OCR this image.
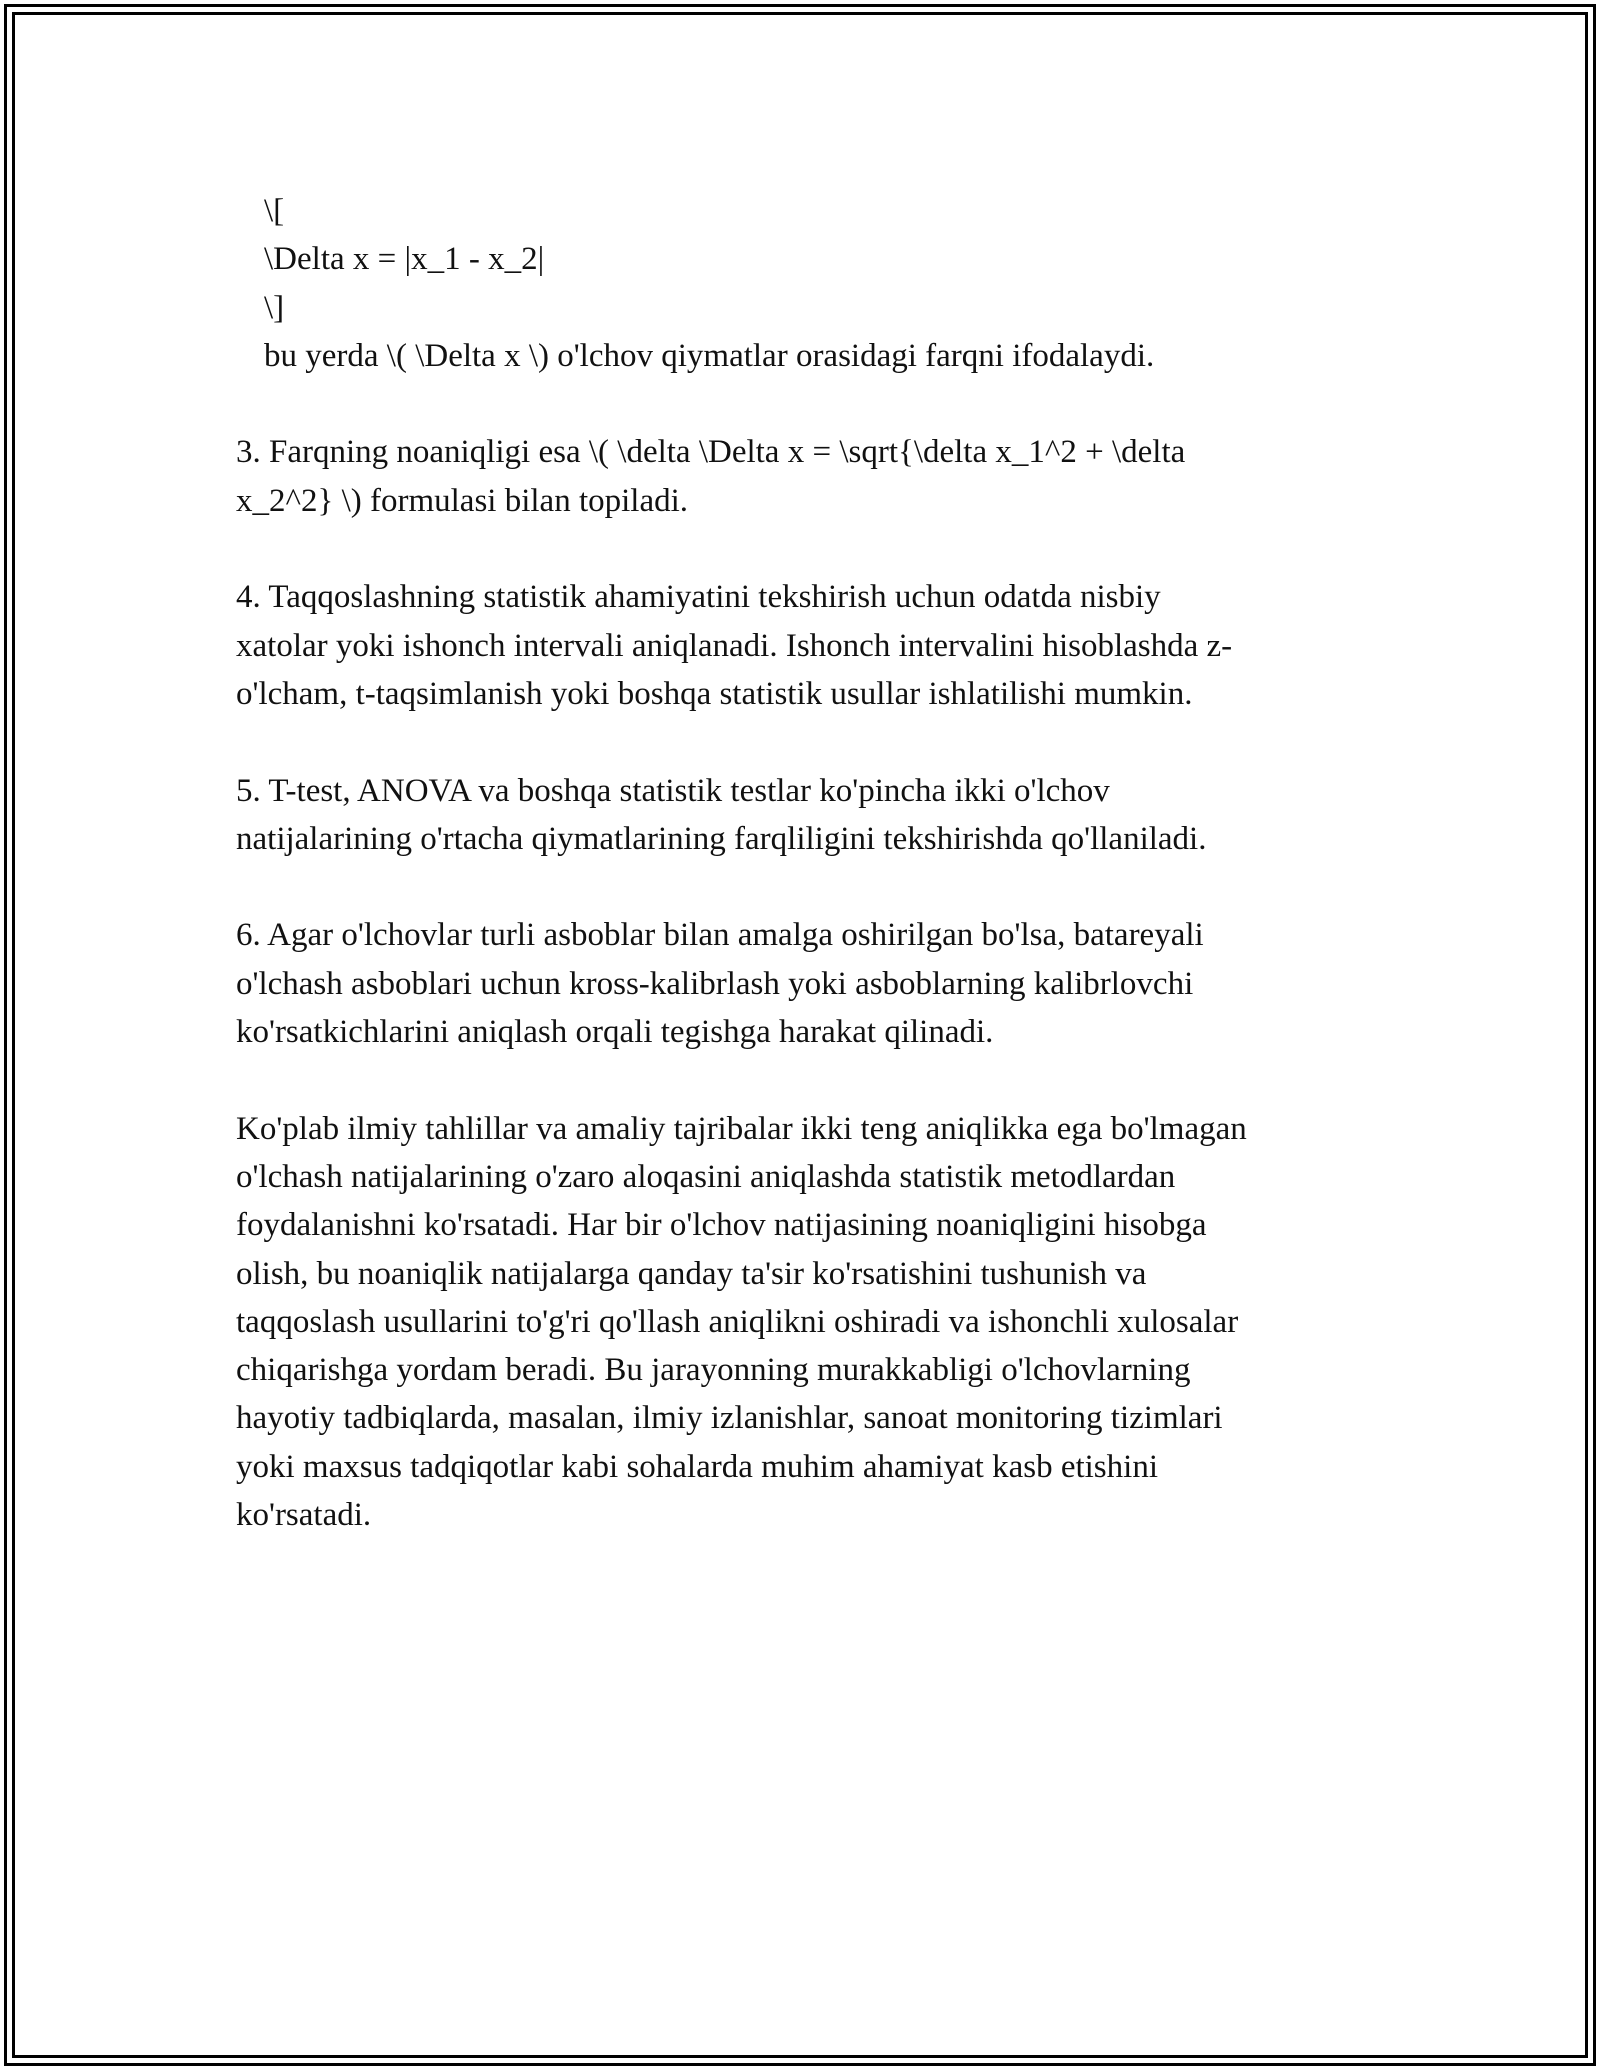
\[

\Delta x = |x_1 - x_2|

\]

bu yerda \( \Delta x \) o'lchov qiymatlar orasidagi farqni ifodalaydi.

3. Farqning noaniqligi esa \( \delta \Delta x = \sqrt{\delta x_1^2 + \delta

x_2^2} \) formulasi bilan topiladi.

4. Taqqoslashning statistik ahamiyatini tekshirish uchun odatda nisbiy

xatolar yoki ishonch intervali aniqlanadi. Ishonch intervalini hisoblashda z-

o'lcham, t-taqsimlanish yoki boshqa statistik usullar ishlatilishi mumkin.

5. T-test, ANOVA va boshqa statistik testlar ko'pincha ikki o'lchov

natijalarining o'rtacha qiymatlarining farqliligini tekshirishda qo'llaniladi.

6. Agar o'lchovlar turli asboblar bilan amalga oshirilgan bo'lsa, batareyali

o'lchash asboblari uchun kross-kalibrlash yoki asboblarning kalibrlovchi

ko'rsatkichlarini aniqlash orqali tegishga harakat qilinadi.

Ko'plab ilmiy tahlillar va amaliy tajribalar ikki teng aniqlikka ega bo'lmagan

o'lchash natijalarining o'zaro aloqasini aniqlashda statistik metodlardan

foydalanishni ko'rsatadi. Har bir o'lchov natijasining noaniqligini hisobga

olish, bu noaniqlik natijalarga qanday ta'sir ko'rsatishini tushunish va

taqqoslash usullarini to'g'ri qo'llash aniqlikni oshiradi va ishonchli xulosalar

chiqarishga yordam beradi. Bu jarayonning murakkabligi o'lchovlarning

hayotiy tadbiqlarda, masalan, ilmiy izlanishlar, sanoat monitoring tizimlari

yoki maxsus tadqiqotlar kabi sohalarda muhim ahamiyat kasb etishini

ko'rsatadi.
